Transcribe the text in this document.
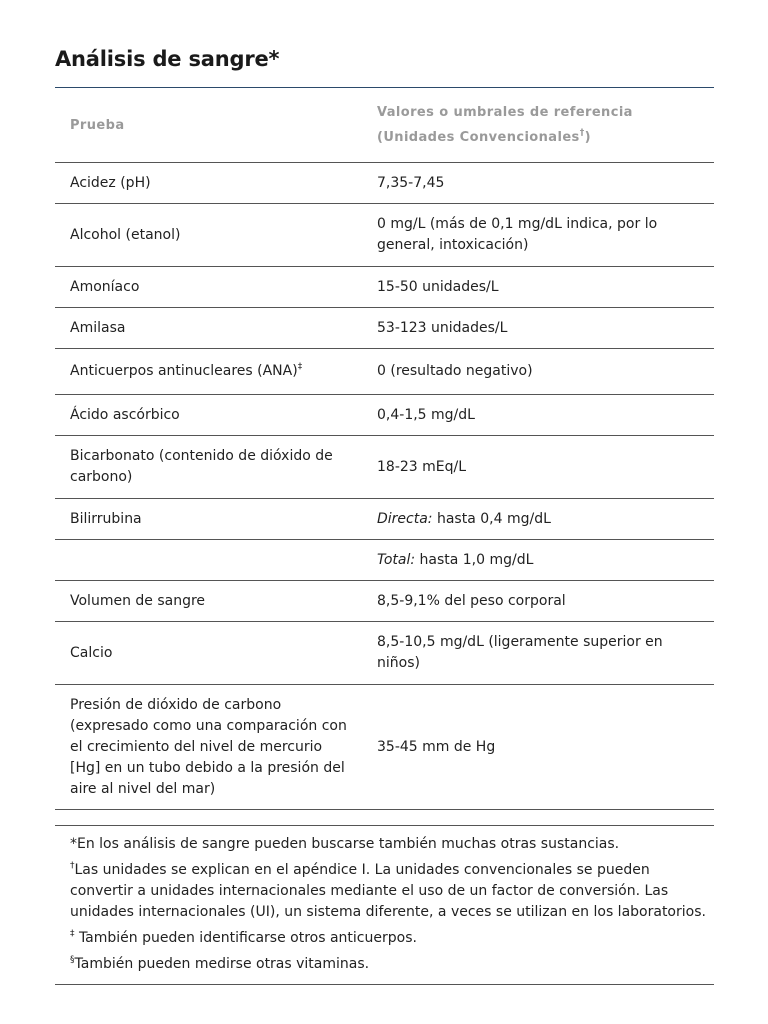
Análisis de sangre*
Prueba	Valores o umbrales de referencia
(Unidades Convencionales†)
Acidez (pH)	7,35-7,45
Alcohol (etanol)	0 mg/L (más de 0,1 mg/dL indica, por lo general, intoxicación)
Amoníaco	15-50 unidades/L
Amilasa	53-123 unidades/L
Anticuerpos antinucleares (ANA)‡	0 (resultado negativo)
Ácido ascórbico	0,4-1,5 mg/dL
Bicarbonato (contenido de dióxido de carbono)	18-23 mEq/L
Bilirrubina	Directa: hasta 0,4 mg/dL
	Total: hasta 1,0 mg/dL
Volumen de sangre	8,5-9,1% del peso corporal
Calcio	8,5-10,5 mg/dL (ligeramente superior en niños)
Presión de dióxido de carbono (expresado como una comparación con el crecimiento del nivel de mercurio [Hg] en un tubo debido a la presión del aire al nivel del mar)	35-45 mm de Hg

*En los análisis de sangre pueden buscarse también muchas otras sustancias.

†Las unidades se explican en el apéndice I. La unidades convencionales se pueden convertir a unidades internacionales mediante el uso de un factor de conversión. Las unidades internacionales (UI), un sistema diferente, a veces se utilizan en los laboratorios.

‡ También pueden identificarse otros anticuerpos.

§También pueden medirse otras vitaminas.
